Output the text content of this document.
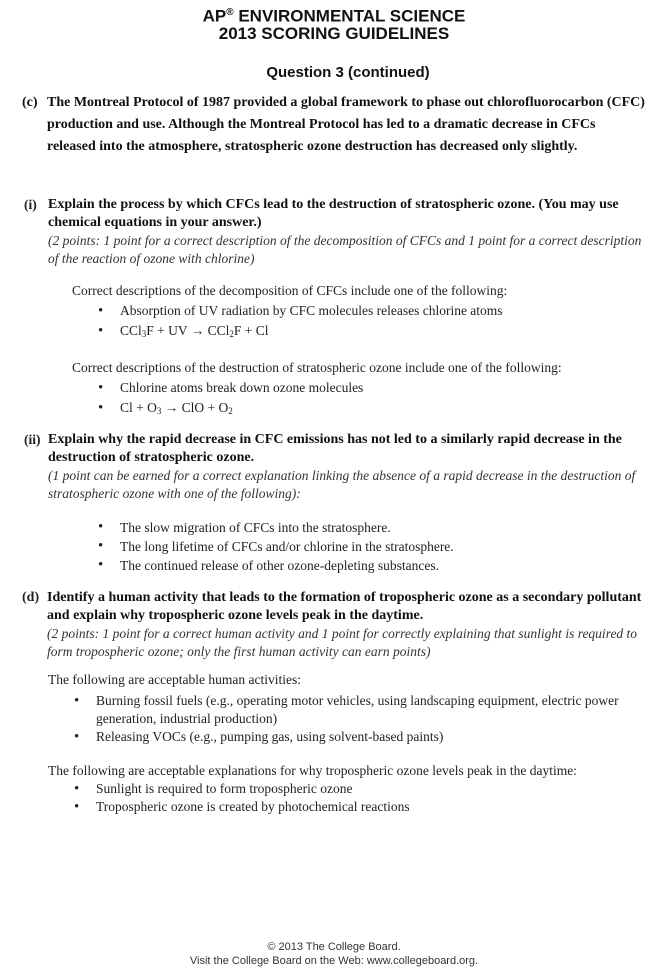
AP® ENVIRONMENTAL SCIENCE
2013 SCORING GUIDELINES
Question 3 (continued)
(c) The Montreal Protocol of 1987 provided a global framework to phase out chlorofluorocarbon (CFC) production and use. Although the Montreal Protocol has led to a dramatic decrease in CFCs released into the atmosphere, stratospheric ozone destruction has decreased only slightly.
(i) Explain the process by which CFCs lead to the destruction of stratospheric ozone. (You may use chemical equations in your answer.)
(2 points: 1 point for a correct description of the decomposition of CFCs and 1 point for a correct description of the reaction of ozone with chlorine)
Correct descriptions of the decomposition of CFCs include one of the following:
• Absorption of UV radiation by CFC molecules releases chlorine atoms
• CCl$_3$F + UV → CCl$_2$F + Cl
Correct descriptions of the destruction of stratospheric ozone include one of the following:
• Chlorine atoms break down ozone molecules
• $Cl + O_3$ → ClO + $O_2$
(ii) Explain why the rapid decrease in CFC emissions has not led to a similarly rapid decrease in the destruction of stratospheric ozone.
(1 point can be earned for a correct explanation linking the absence of a rapid decrease in the destruction of stratospheric ozone with one of the following):
• The slow migration of CFCs into the stratosphere.
• The long lifetime of CFCs and/or chlorine in the stratosphere.
• The continued release of other ozone-depleting substances.
(d) Identify a human activity that leads to the formation of tropospheric ozone as a secondary pollutant and explain why tropospheric ozone levels peak in the daytime.
(2 points: 1 point for a correct human activity and 1 point for correctly explaining that sunlight is required to form tropospheric ozone; only the first human activity can earn points)
The following are acceptable human activities:
• Burning fossil fuels (e.g., operating motor vehicles, using landscaping equipment, electric power generation, industrial production)
• Releasing VOCs (e.g., pumping gas, using solvent-based paints)
The following are acceptable explanations for why tropospheric ozone levels peak in the daytime:
• Sunlight is required to form tropospheric ozone
• Tropospheric ozone is created by photochemical reactions
© 2013 The College Board.
Visit the College Board on the Web: www.collegeboard.org.
